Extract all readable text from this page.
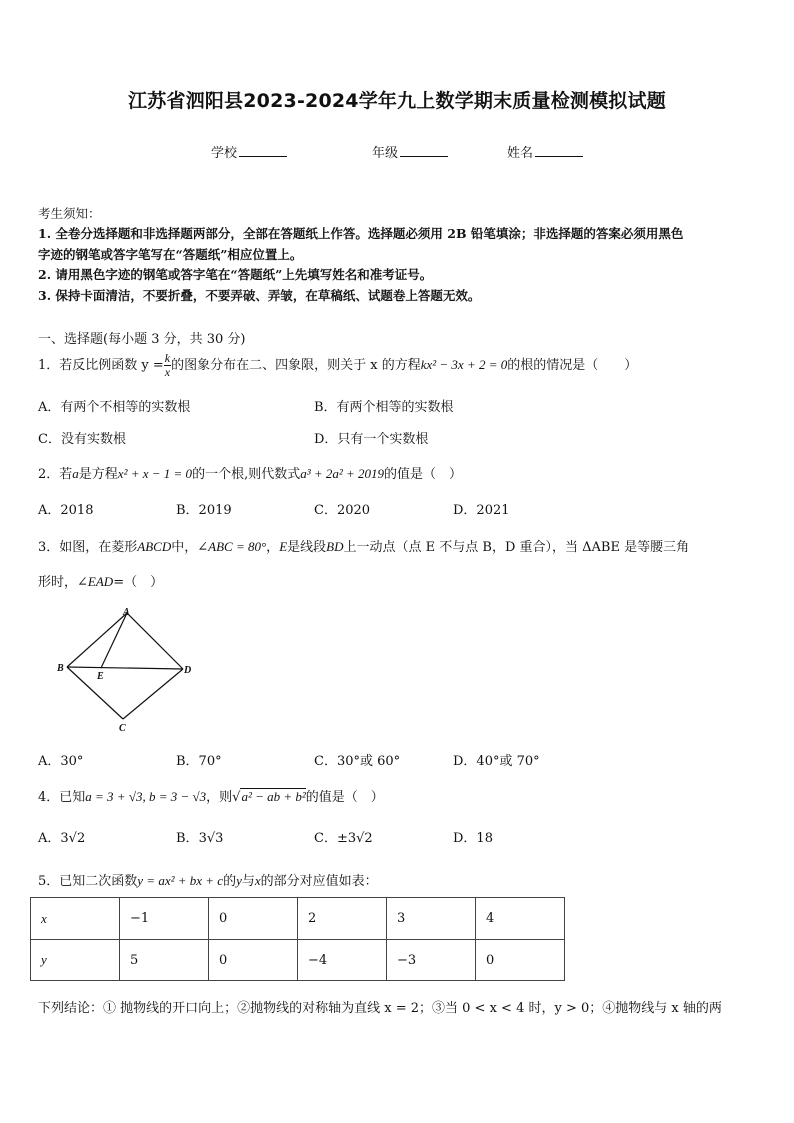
江苏省泗阳县2023-2024学年九上数学期末质量检测模拟试题
学校	年级	姓名
考生须知：
1. 全卷分选择题和非选择题两部分，全部在答题纸上作答。选择题必须用 2B 铅笔填涂；非选择题的答案必须用黑色
字迹的钢笔或答字笔写在“答题纸”相应位置上。
2. 请用黑色字迹的钢笔或答字笔在“答题纸”上先填写姓名和准考证号。
3. 保持卡面清洁，不要折叠，不要弄破、弄皱，在草稿纸、试题卷上答题无效。
一、选择题(每小题 3 分，共 30 分)
1．若反比例函数 $y = \frac{k}{x}$ 的图象分布在二、四象限，则关于 x 的方程kx² − 3x + 2 = 0的根的情况是（　　）
A．有两个不相等的实数根	B．有两个相等的实数根
C．没有实数根	D．只有一个实数根
2．若a是方程x² + x − 1 = 0的一个根,则代数式a³ + 2a² + 2019的值是（　）
A．2018	B．2019	C．2020	D．2021
3．如图，在菱形ABCD中，∠ABC = 80°，E是线段BD上一动点（点 E 不与点 B，D 重合），当 ΔABE 是等腰三角
形时，∠EAD=（　）
A
B	D
E
C
A．30°	B．70°	C．30°或 60°	D．40°或 70°
4．已知a = 3 + √3, b = 3 − √3，则√a² − ab + b²的值是（　）
A．3√2	B．3√3	C．±3√2	D．18
5．已知二次函数y = ax² + bx + c的y与x的部分对应值如表：
x	−1	0	2	3	4
y	5	0	−4	−3	0
下列结论：① 抛物线的开口向上；②抛物线的对称轴为直线 x = 2；③当 0 < x < 4 时，y > 0；④抛物线与 x 轴的两
